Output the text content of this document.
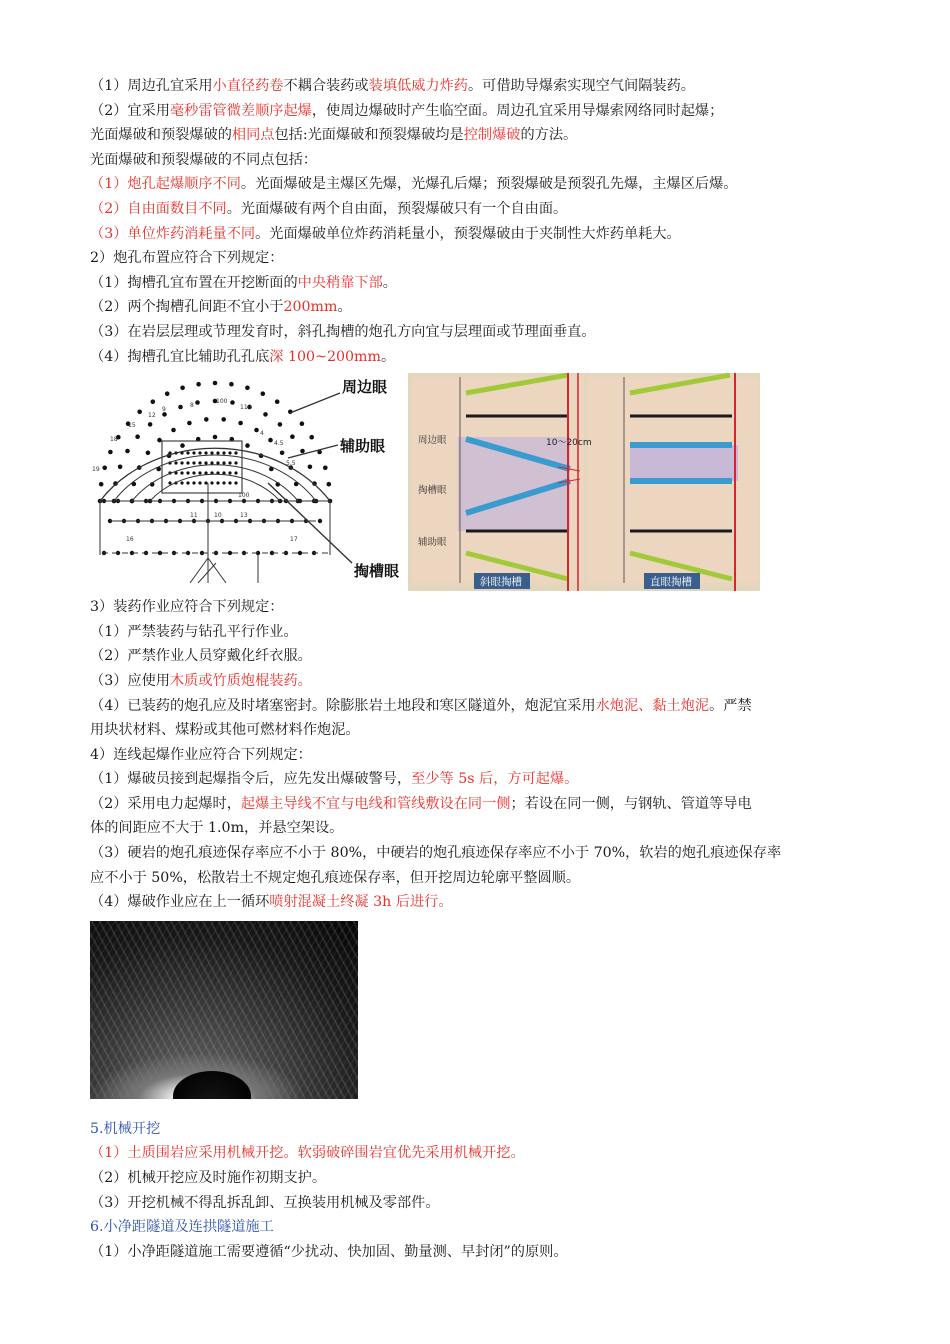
（1）周边孔宜采用小直径药卷不耦合装药或装填低威力炸药。可借助导爆索实现空气间隔装药。
（2）宜采用毫秒雷管微差顺序起爆，使周边爆破时产生临空面。周边孔宜采用导爆索网络同时起爆；
光面爆破和预裂爆破的相同点包括:光面爆破和预裂爆破均是控制爆破的方法。
光面爆破和预裂爆破的不同点包括：
（1）炮孔起爆顺序不同。光面爆破是主爆区先爆，光爆孔后爆；预裂爆破是预裂孔先爆，主爆区后爆。
（2）自由面数目不同。光面爆破有两个自由面，预裂爆破只有一个自由面。
（3）单位炸药消耗量不同。光面爆破单位炸药消耗量小，预裂爆破由于夹制性大炸药单耗大。
2）炮孔布置应符合下列规定：
（1）掏槽孔宜布置在开挖断面的中央稍靠下部。
（2）两个掏槽孔间距不宜小于200mm。
（3）在岩层层理或节理发育时，斜孔掏槽的炮孔方向宜与层理面或节理面垂直。
（4）掏槽孔宜比辅助孔孔底深 100~200mm。
19
18
15
12
9
8
100
110
4
4.5
5.5
100
11	10	13
16	17
周边眼
辅助眼
掏槽眼
周边眼
掏槽眼
辅助眼
10～20cm
斜眼掏槽	直眼掏槽
3）装药作业应符合下列规定：
（1）严禁装药与钻孔平行作业。
（2）严禁作业人员穿戴化纤衣服。
（3）应使用木质或竹质炮棍装药。
（4）已装药的炮孔应及时堵塞密封。除膨胀岩土地段和寒区隧道外，炮泥宜采用水炮泥、黏土炮泥。严禁
用块状材料、煤粉或其他可燃材料作炮泥。
4）连线起爆作业应符合下列规定：
（1）爆破员接到起爆指令后，应先发出爆破警号，至少等 5s 后，方可起爆。
（2）采用电力起爆时，起爆主导线不宜与电线和管线敷设在同一侧；若设在同一侧，与钢轨、管道等导电
体的间距应不大于 1.0m，并悬空架设。
（3）硬岩的炮孔痕迹保存率应不小于 80%，中硬岩的炮孔痕迹保存率应不小于 70%，软岩的炮孔痕迹保存率
应不小于 50%，松散岩土不规定炮孔痕迹保存率，但开挖周边轮廓平整圆顺。
（4）爆破作业应在上一循环喷射混凝土终凝 3h 后进行。
5.机械开挖
（1）土质围岩应采用机械开挖。软弱破碎围岩宜优先采用机械开挖。
（2）机械开挖应及时施作初期支护。
（3）开挖机械不得乱拆乱卸、互换装用机械及零部件。
6.小净距隧道及连拱隧道施工
（1）小净距隧道施工需要遵循“少扰动、快加固、勤量测、早封闭”的原则。
